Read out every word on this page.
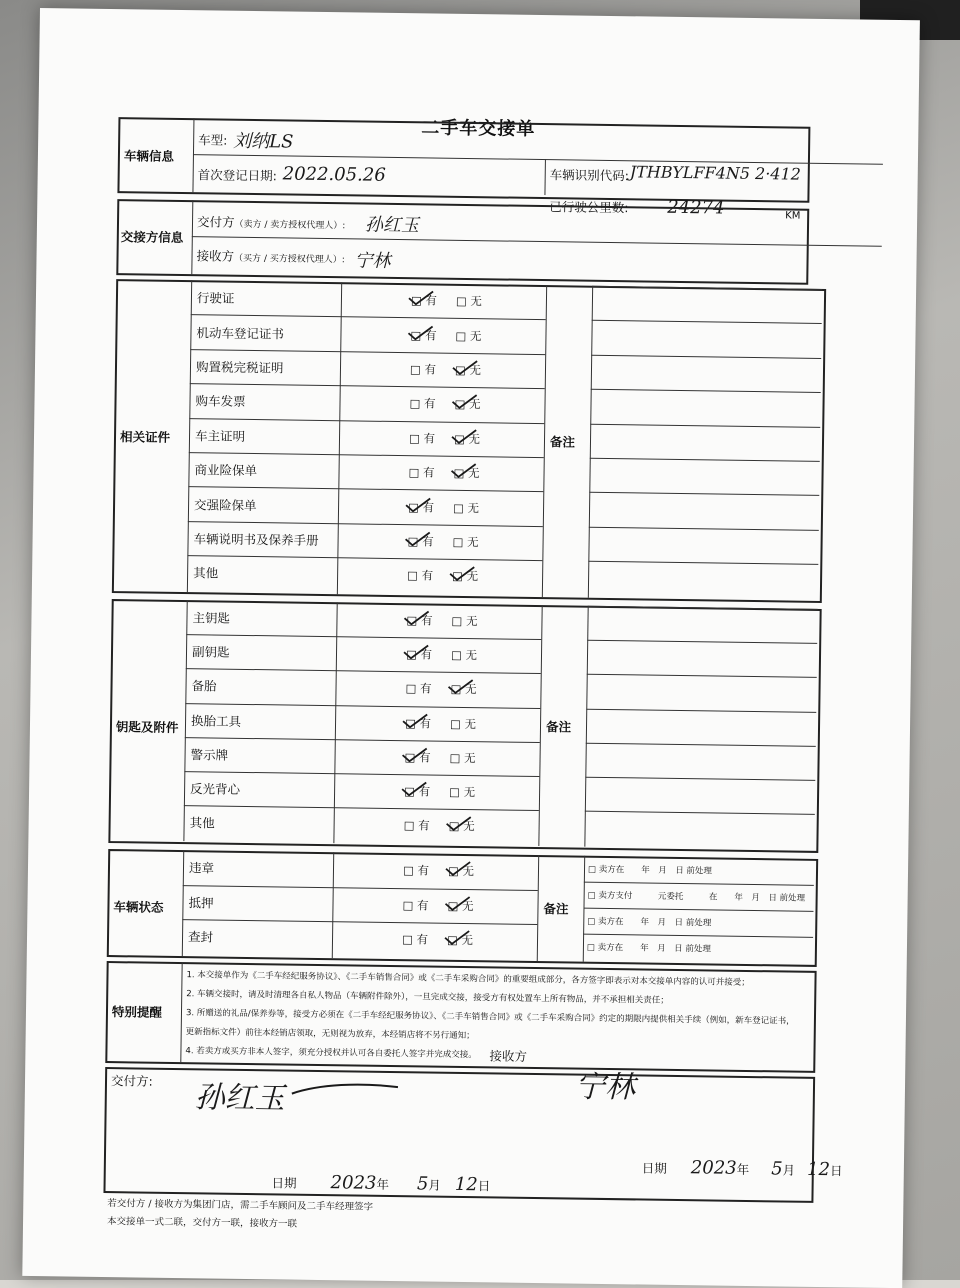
二手车交接单
车辆信息
车型: 刘纳LS
首次登记日期: 2022.05.26	车辆识别代码: JTHBYLFF4N5 2·412
已行驶公里数: 24274	KM
交接方信息
交付方（卖方 / 卖方授权代理人）: 孙红玉
接收方（买方 / 买方授权代理人）: 宁林
相关证件	备注
行驶证	□ 有 □ 无
机动车登记证书	□ 有 □ 无
购置税完税证明	□ 有 □ 无
购车发票	□ 有 □ 无
车主证明	□ 有 □ 无
商业险保单	□ 有 □ 无
交强险保单	□ 有 □ 无
车辆说明书及保养手册	□ 有 □ 无
其他	□ 有 □ 无
钥匙及附件	备注
主钥匙	□ 有 □ 无
副钥匙	□ 有 □ 无
备胎	□ 有 □ 无
换胎工具	□ 有 □ 无
警示牌	□ 有 □ 无
反光背心	□ 有 □ 无
其他	□ 有 □ 无
车辆状态	备注
违章	□ 有 □ 无
抵押	□ 有 □ 无
查封	□ 有 □ 无
□ 卖方在　　年　月　日 前处理
□ 卖方支付　　　元委托　　　在　　年　月　日 前处理
□ 卖方在　　年　月　日 前处理
□ 卖方在　　年　月　日 前处理
特别提醒
1. 本交接单作为《二手车经纪服务协议》、《二手车销售合同》或《二手车采购合同》的重要组成部分，各方签字即表示对本交接单内容的认可并接受；
2. 车辆交接时，请及时清理各自私人物品（车辆附件除外），一旦完成交接，接受方有权处置车上所有物品，并不承担相关责任；
3. 所赠送的礼品/保养券等，接受方必须在《二手车经纪服务协议》、《二手车销售合同》或《二手车采购合同》约定的期限内提供相关手续（例如，新车登记证书，
更新指标文件）前往本经销店领取，无则视为放弃，本经销店将不另行通知；
4. 若卖方或买方非本人签字，须充分授权并认可各自委托人签字并完成交接。
交付方:
接收方
孙红玉	宁林
日期 2023年 5月 12日
日期 2023年 5月 12日
若交付方 / 接收方为集团门店，需二手车顾问及二手车经理签字
本交接单一式二联，交付方一联，接收方一联
